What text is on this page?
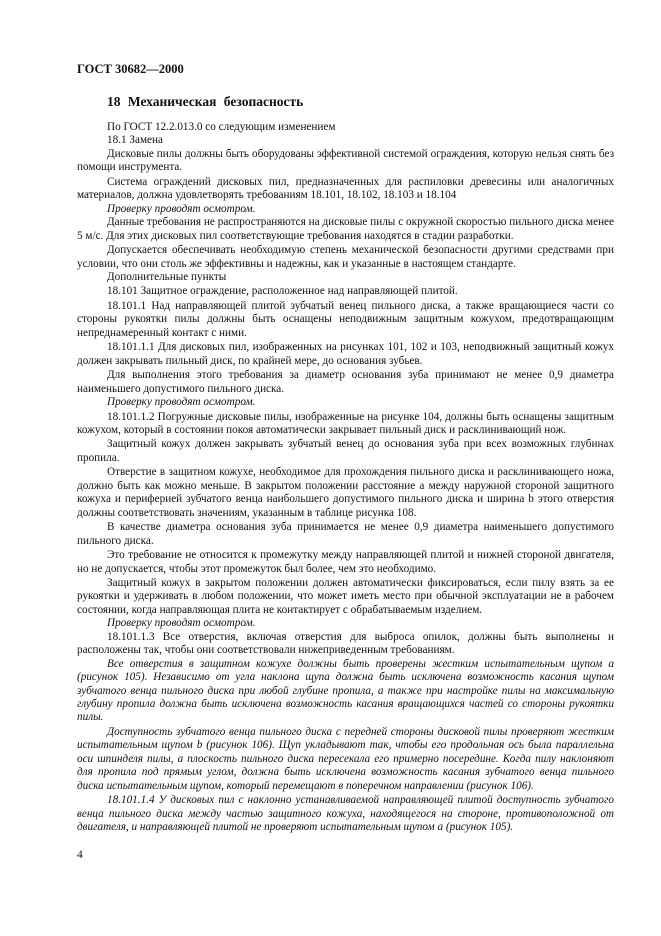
ГОСТ 30682—2000
18 Механическая безопасность

По ГОСТ 12.2.013.0 со следующим изменением

18.1 Замена

Дисковые пилы должны быть оборудованы эффективной системой ограждения, которую нельзя снять без помощи инструмента.

Система ограждений дисковых пил, предназначенных для распиловки древесины или аналогичных материалов, должна удовлетворять требованиям 18.101, 18.102, 18.103 и 18.104

Проверку проводят осмотром.

Данные требования не распространяются на дисковые пилы с окружной скоростью пильного диска менее 5 м/с. Для этих дисковых пил соответствующие требования находятся в стадии разработки.

Допускается обеспечивать необходимую степень механической безопасности другими средствами при условии, что они столь же эффективны и надежны, как и указанные в настоящем стандарте.

Дополнительные пункты

18.101 Защитное ограждение, расположенное над направляющей плитой.

18.101.1 Над направляющей плитой зубчатый венец пильного диска, а также вращающиеся части со стороны рукоятки пилы должны быть оснащены неподвижным защитным кожухом, предотвращающим непреднамеренный контакт с ними.

18.101.1.1 Для дисковых пил, изображенных на рисунках 101, 102 и 103, неподвижный защитный кожух должен закрывать пильный диск, по крайней мере, до основания зубьев.

Для выполнения этого требования за диаметр основания зуба принимают не менее 0,9 диаметра наименьшего допустимого пильного диска.

Проверку проводят осмотром.

18.101.1.2 Погружные дисковые пилы, изображенные на рисунке 104, должны быть оснащены защитным кожухом, который в состоянии покоя автоматически закрывает пильный диск и расклинивающий нож.

Защитный кожух должен закрывать зубчатый венец до основания зуба при всех возможных глубинах пропила.

Отверстие в защитном кожухе, необходимое для прохождения пильного диска и расклинивающего ножа, должно быть как можно меньше. В закрытом положении расстояние a между наружной стороной защитного кожуха и периферией зубчатого венца наибольшего допустимого пильного диска и ширина b этого отверстия должны соответствовать значениям, указанным в таблице рисунка 108.

В качестве диаметра основания зуба принимается не менее 0,9 диаметра наименьшего допустимого пильного диска.

Это требование не относится к промежутку между направляющей плитой и нижней стороной двигателя, но не допускается, чтобы этот промежуток был более, чем это необходимо.

Защитный кожух в закрытом положении должен автоматически фиксироваться, если пилу взять за ее рукоятки и удерживать в любом положении, что может иметь место при обычной эксплуатации не в рабочем состоянии, когда направляющая плита не контактирует с обрабатываемым изделием.

Проверку проводят осмотром.

18.101.1.3 Все отверстия, включая отверстия для выброса опилок, должны быть выполнены и расположены так, чтобы они соответствовали нижеприведенным требованиям.

Все отверстия в защитном кожухе должны быть проверены жестким испытательным щупом a (рисунок 105). Независимо от угла наклона щупа должна быть исключена возможность касания щупом зубчатого венца пильного диска при любой глубине пропила, а также при настройке пилы на максимальную глубину пропила должна быть исключена возможность касания вращающихся частей со стороны рукоятки пилы.

Доступность зубчатого венца пильного диска с передней стороны дисковой пилы проверяют жестким испытательным щупом b (рисунок 106). Щуп укладывают так, чтобы его продольная ось была параллельна оси шпинделя пилы, а плоскость пильного диска пересекала его примерно посередине. Когда пилу наклоняют для пропила под прямым углом, должна быть исключена возможность касания зубчатого венца пильного диска испытательным щупом, который перемещают в поперечном направлении (рисунок 106).

18.101.1.4 У дисковых пил с наклонно устанавливаемой направляющей плитой доступность зубчатого венца пильного диска между частью защитного кожуха, находящегося на стороне, противоположной от двигателя, и направляющей плитой не проверяют испытательным щупом a (рисунок 105).

4
